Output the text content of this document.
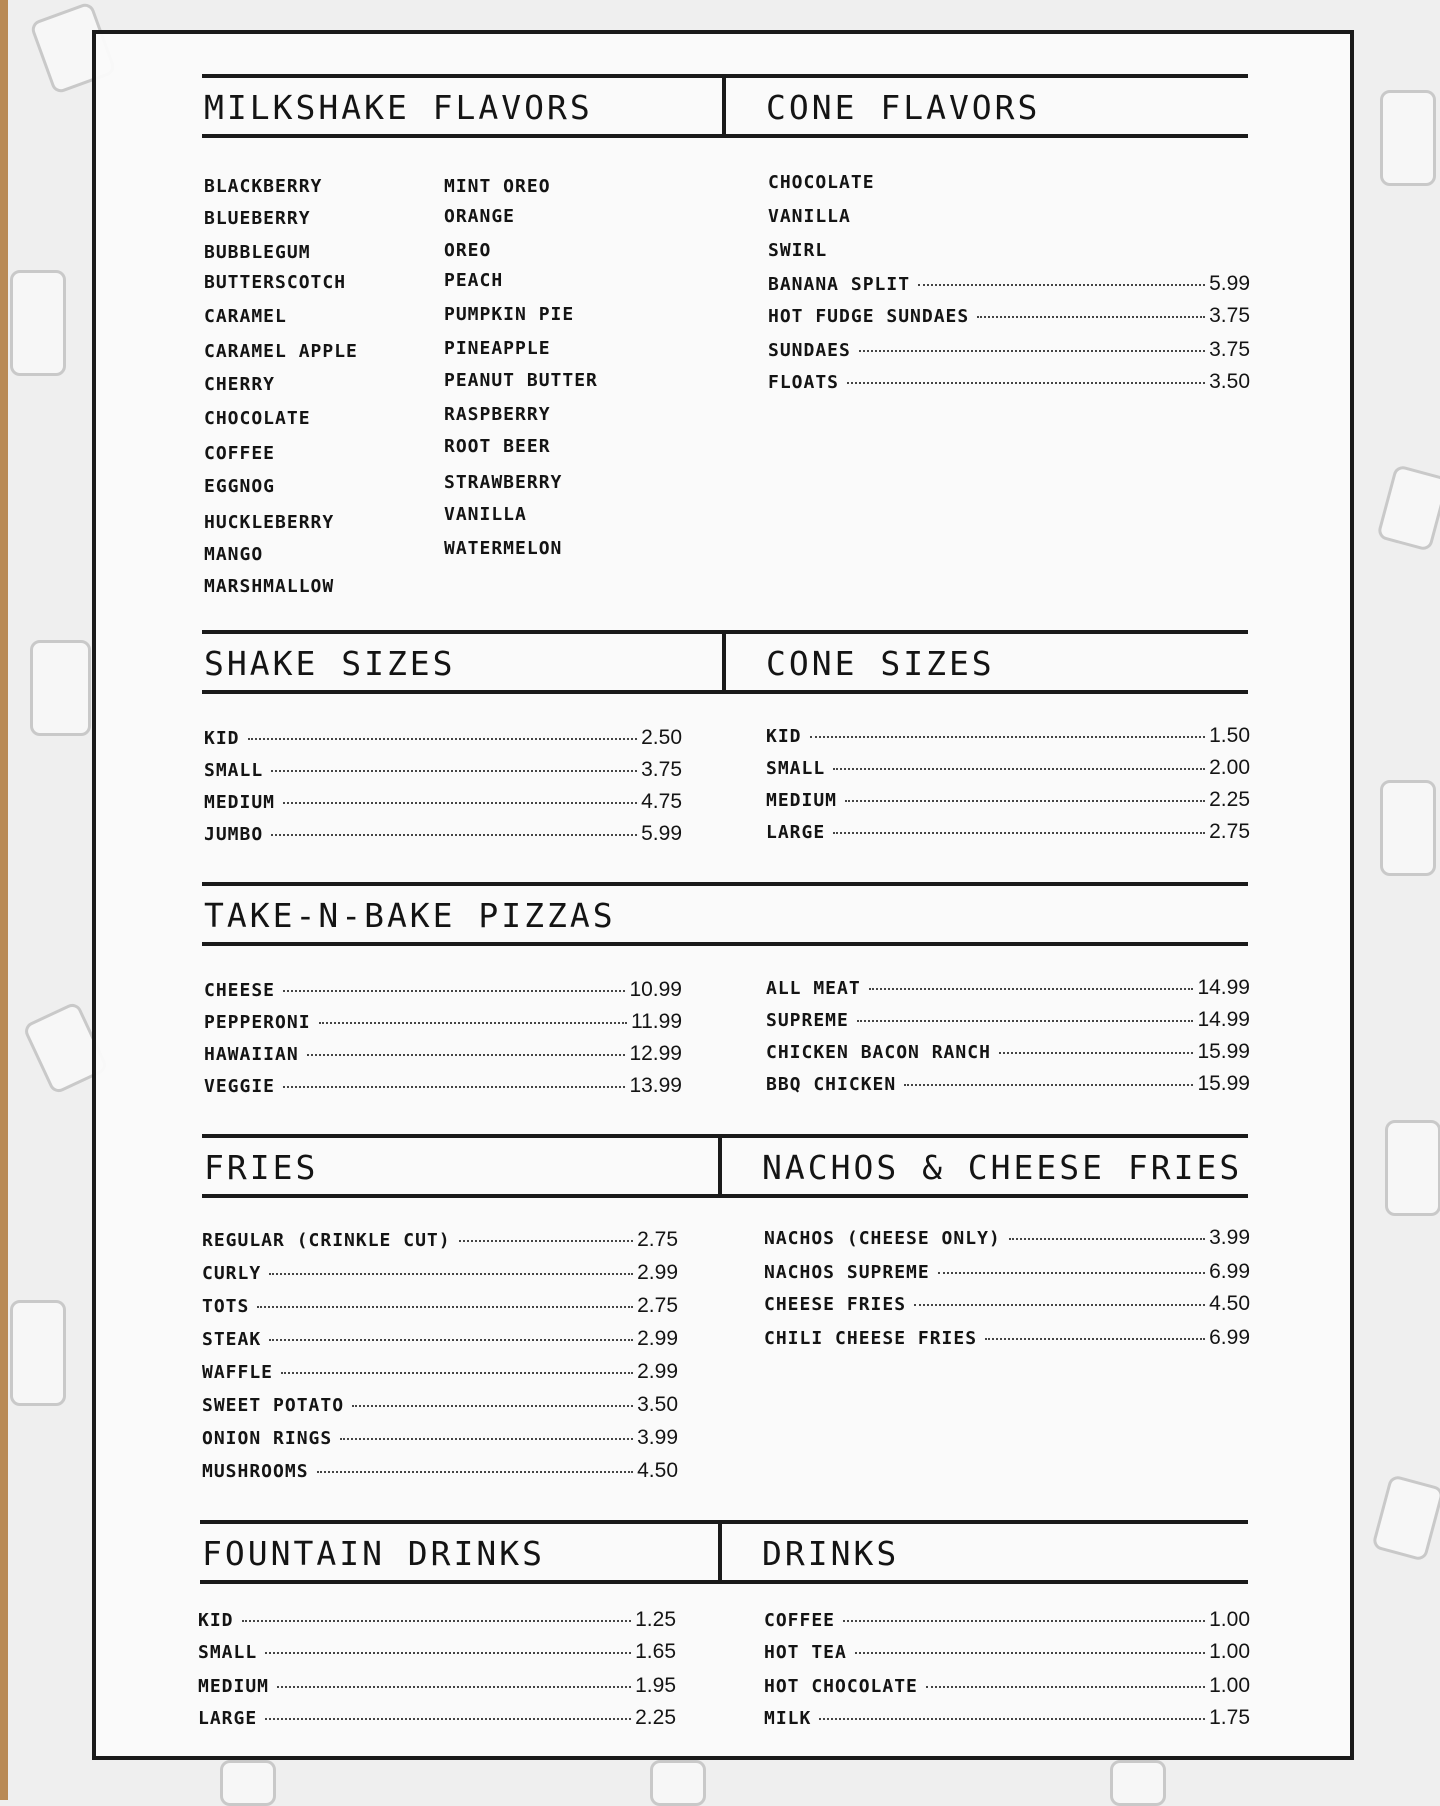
MILKSHAKE FLAVORS	CONE FLAVORS
BLACKBERRY
BLUEBERRY
BUBBLEGUM
BUTTERSCOTCH
CARAMEL
CARAMEL APPLE
CHERRY
CHOCOLATE
COFFEE
EGGNOG
HUCKLEBERRY
MANGO
MARSHMALLOW
MINT OREO
ORANGE
OREO
PEACH
PUMPKIN PIE
PINEAPPLE
PEANUT BUTTER
RASPBERRY
ROOT BEER
STRAWBERRY
VANILLA
WATERMELON
CHOCOLATE
VANILLA
SWIRL
BANANA SPLIT	5.99
HOT FUDGE SUNDAES	3.75
SUNDAES	3.75
FLOATS	3.50
SHAKE SIZES	CONE SIZES
KID	2.50
SMALL	3.75
MEDIUM	4.75
JUMBO	5.99
KID	1.50
SMALL	2.00
MEDIUM	2.25
LARGE	2.75
TAKE-N-BAKE PIZZAS
CHEESE	10.99
PEPPERONI	11.99
HAWAIIAN	12.99
VEGGIE	13.99
ALL MEAT	14.99
SUPREME	14.99
CHICKEN BACON RANCH	15.99
BBQ CHICKEN	15.99
FRIES	NACHOS & CHEESE FRIES
REGULAR (CRINKLE CUT)	2.75
CURLY	2.99
TOTS	2.75
STEAK	2.99
WAFFLE	2.99
SWEET POTATO	3.50
ONION RINGS	3.99
MUSHROOMS	4.50
NACHOS (CHEESE ONLY)	3.99
NACHOS SUPREME	6.99
CHEESE FRIES	4.50
CHILI CHEESE FRIES	6.99
FOUNTAIN DRINKS	DRINKS
KID	1.25
SMALL	1.65
MEDIUM	1.95
LARGE	2.25
COFFEE	1.00
HOT TEA	1.00
HOT CHOCOLATE	1.00
MILK	1.75
